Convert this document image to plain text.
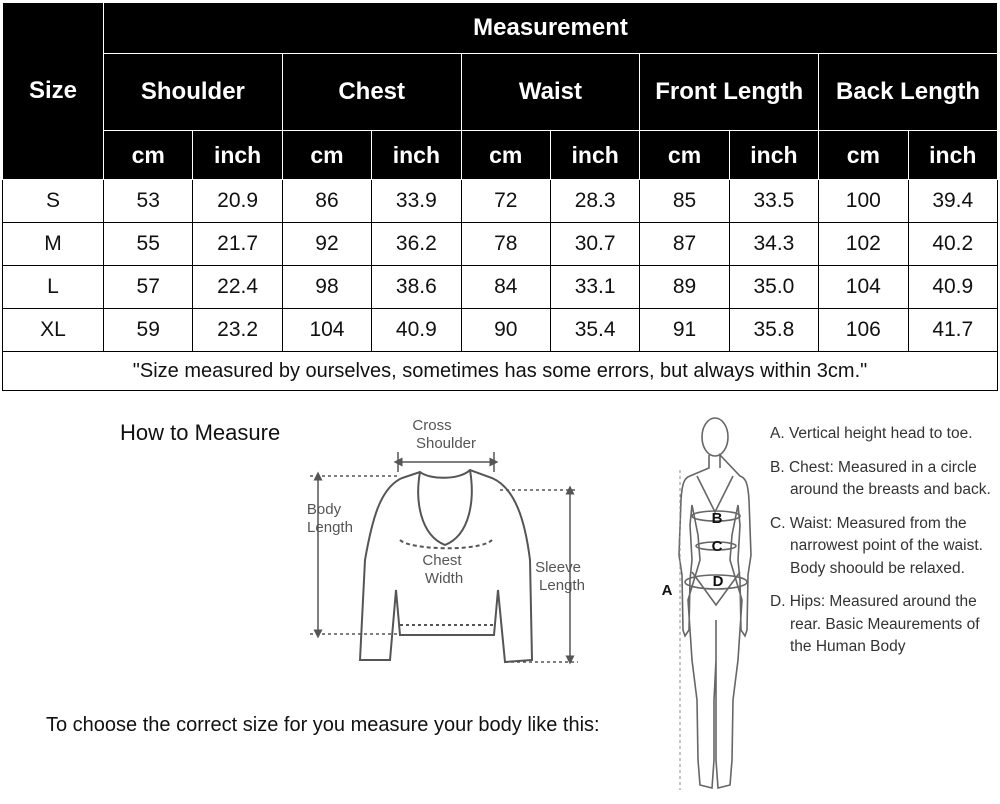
Size	Measurement									
	Shoulder		Chest		Waist		Front Length		Back Length	
	cm	inch	cm	inch	cm	inch	cm	inch	cm	inch
S	53	20.9	86	33.9	72	28.3	85	33.5	100	39.4
M	55	21.7	92	36.2	78	30.7	87	34.3	102	40.2
L	57	22.4	98	38.6	84	33.1	89	35.0	104	40.9
XL	59	23.2	104	40.9	90	35.4	91	35.8	106	41.7
"Size measured by ourselves, sometimes has some errors, but always within 3cm."										
How to Measure	Cross
Shoulder
Body
Length
Chest
Width
Sleeve
Length
To choose the correct size for you measure your body like this:
A
B
C
D
A. Vertical height head to toe.
B. Chest: Measured in a circle around the breasts and back.
C. Waist: Measured from the narrowest point of the waist. Body shoould be relaxed.
D. Hips: Measured around the rear. Basic Meaurements of the Human Body
